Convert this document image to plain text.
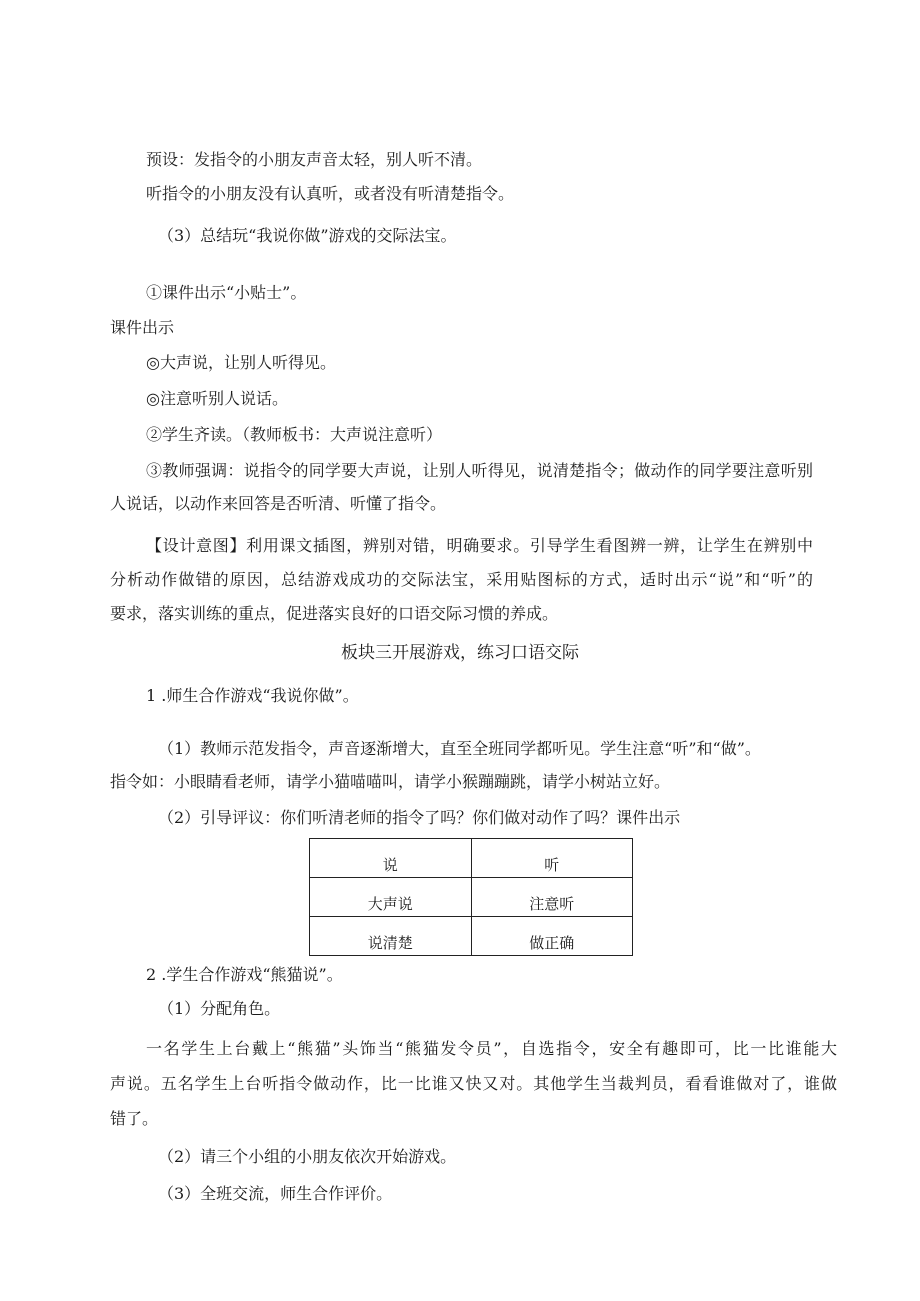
预设：发指令的小朋友声音太轻，别人听不清。

听指令的小朋友没有认真听，或者没有听清楚指令。

（3）总结玩“我说你做”游戏的交际法宝。

①课件出示“小贴士”。

课件出示

◎大声说，让别人听得见。

◎注意听别人说话。

②学生齐读。（教师板书：大声说注意听）

③教师强调：说指令的同学要大声说，让别人听得见，说清楚指令；做动作的同学要注意听别

人说话，以动作来回答是否听清、听懂了指令。

【设计意图】利用课文插图，辨别对错，明确要求。引导学生看图辨一辨，让学生在辨别中

分析动作做错的原因，总结游戏成功的交际法宝，采用贴图标的方式，适时出示“说”和“听”的

要求，落实训练的重点，促进落实良好的口语交际习惯的养成。

板块三开展游戏，练习口语交际

1 .师生合作游戏“我说你做”。

（1）教师示范发指令，声音逐渐增大，直至全班同学都听见。学生注意“听”和“做”。

指令如：小眼睛看老师，请学小猫喵喵叫，请学小猴蹦蹦跳，请学小树站立好。

（2）引导评议：你们听清老师的指令了吗？你们做对动作了吗？课件出示

说	听
大声说	注意听
说清楚	做正确

2 .学生合作游戏“熊猫说”。

（1）分配角色。

一名学生上台戴上“熊猫”头饰当“熊猫发令员”，自选指令，安全有趣即可，比一比谁能大

声说。五名学生上台听指令做动作，比一比谁又快又对。其他学生当裁判员，看看谁做对了，谁做

错了。

（2）请三个小组的小朋友依次开始游戏。

（3）全班交流，师生合作评价。
